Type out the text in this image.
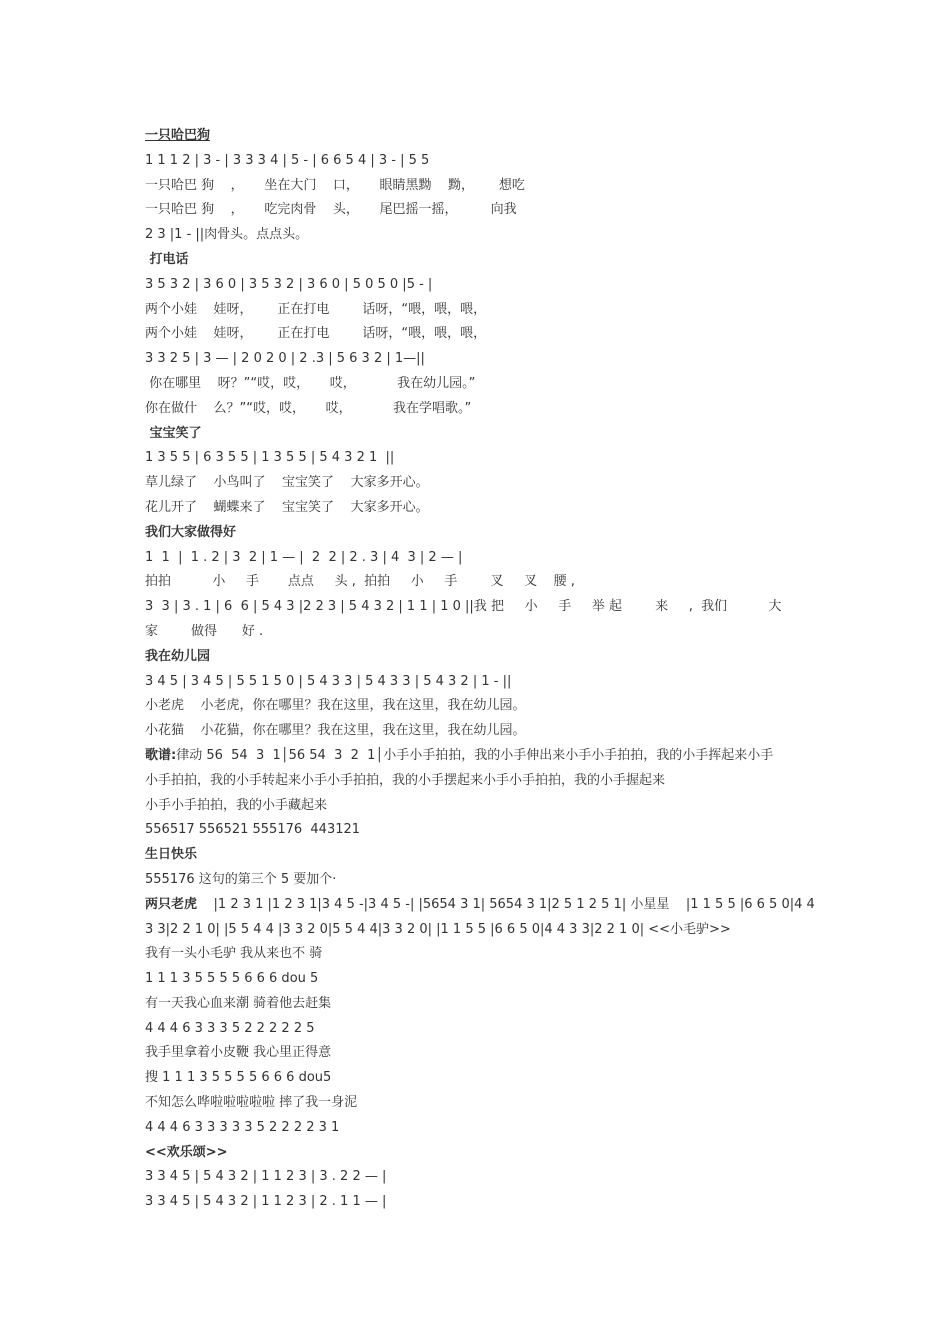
一只哈巴狗
1 1 1 2 | 3 - | 3 3 3 4 | 5 - | 6 6 5 4 | 3 - | 5 5
一只哈巴 狗    ，     坐在大门    口，     眼睛黑黝    黝，      想吃
一只哈巴 狗    ，     吃完肉骨    头，     尾巴摇一摇，        向我
2 3 |1 - ||肉骨头。点点头。
打电话
3 5 3 2 | 3 6 0 | 3 5 3 2 | 3 6 0 | 5 0 5 0 |5 - |
两个小娃    娃呀，      正在打电        话呀，“喂，喂，喂，
两个小娃    娃呀，      正在打电        话呀，“喂，喂，喂，
3 3 2 5 | 3 — | 2 0 2 0 | 2 .3 | 5 6 3 2 | 1—||
你在哪里    呀？”“哎，哎，     哎，          我在幼儿园。”
你在做什    么？”“哎，哎，     哎，          我在学唱歌。”
宝宝笑了
1 3 5 5 | 6 3 5 5 | 1 3 5 5 | 5 4 3 2 1  ||
草儿绿了    小鸟叫了    宝宝笑了    大家多开心。
花儿开了    蝴蝶来了    宝宝笑了    大家多开心。
我们大家做得好
1  1  |  1 . 2 | 3  2 | 1 — |  2  2 | 2 . 3 | 4  3 | 2 — |
拍拍          小     手       点点     头 ,  拍拍     小     手        叉     叉    腰 ,
3  3 | 3 . 1 | 6  6 | 5 4 3 |2 2 3 | 5 4 3 2 | 1 1 | 1 0 ||我 把     小     手     举 起        来     ,  我们          大
家        做得      好 .
我在幼儿园
3 4 5 | 3 4 5 | 5 5 1 5 0 | 5 4 3 3 | 5 4 3 3 | 5 4 3 2 | 1 - ||
小老虎    小老虎，你在哪里？我在这里，我在这里，我在幼儿园。
小花猫    小花猫，你在哪里？我在这里，我在这里，我在幼儿园。
歌谱:律动 56  54  3  1│56 54  3  2  1│小手小手拍拍，我的小手伸出来小手小手拍拍，我的小手挥起来小手
小手拍拍，我的小手转起来小手小手拍拍，我的小手摆起来小手小手拍拍，我的小手握起来
小手小手拍拍，我的小手藏起来
556517 556521 555176  443121
生日快乐
555176 这句的第三个 5 要加个·
两只老虎    |1 2 3 1 |1 2 3 1|3 4 5 -|3 4 5 -| |5654 3 1| 5654 3 1|2 5 1 2 5 1| 小星星    |1 1 5 5 |6 6 5 0|4 4
3 3|2 2 1 0| |5 5 4 4 |3 3 2 0|5 5 4 4|3 3 2 0| |1 1 5 5 |6 6 5 0|4 4 3 3|2 2 1 0| <<小毛驴>>
我有一头小毛驴 我从来也不 骑
1 1 1 3 5 5 5 5 6 6 6 dou 5
有一天我心血来潮 骑着他去赶集
4 4 4 6 3 3 3 5 2 2 2 2 2 5
我手里拿着小皮鞭 我心里正得意
搜 1 1 1 3 5 5 5 5 6 6 6 dou5
不知怎么哗啦啦啦啦啦 摔了我一身泥
4 4 4 6 3 3 3 3 3 5 2 2 2 2 3 1
<<欢乐颂>>
3 3 4 5 | 5 4 3 2 | 1 1 2 3 | 3 . 2 2 — |
3 3 4 5 | 5 4 3 2 | 1 1 2 3 | 2 . 1 1 — |
